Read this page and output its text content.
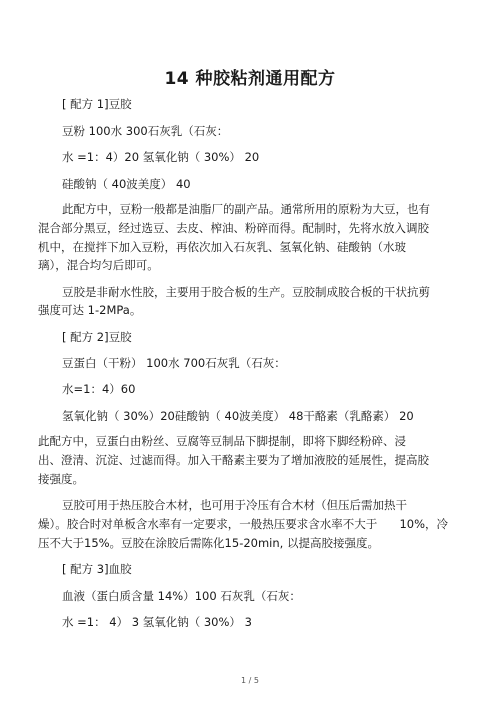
14 种胶粘剂通用配方
[ 配方 1]豆胶
豆粉 100水 300石灰乳（石灰：
水 =1：4）20 氢氧化钠（ 30%） 20
硅酸钠（ 40波美度） 40
此配方中，豆粉一般都是油脂厂的副产品。通常所用的原粉为大豆，也有
混合部分黑豆，经过选豆、去皮、榨油、粉碎而得。配制时，先将水放入调胶
机中，在搅拌下加入豆粉，再依次加入石灰乳、氢氧化钠、硅酸钠（水玻
璃），混合均匀后即可。
豆胶是非耐水性胶，主要用于胶合板的生产。豆胶制成胶合板的干状抗剪
强度可达 1-2MPa。
[ 配方 2]豆胶
豆蛋白（干粉） 100水 700石灰乳（石灰：
水=1：4）60
氢氧化钠（ 30%）20硅酸钠（ 40波美度） 48干酪素（乳酪素） 20
此配方中，豆蛋白由粉丝、豆腐等豆制品下脚提制，即将下脚经粉碎、浸
出、澄清、沉淀、过滤而得。加入干酪素主要为了增加液胶的延展性，提高胶
接强度。
豆胶可用于热压胶合木材，也可用于冷压有合木材（但压后需加热干
燥）。胶合时对单板含水率有一定要求，一般热压要求含水率不大于 10%，冷
压不大于15%。豆胶在涂胶后需陈化15-20min, 以提高胶接强度。
[ 配方 3]血胶
血液（蛋白质含量 14%）100 石灰乳（石灰：
水 =1： 4） 3 氢氧化钠（ 30%） 3
1 / 5
